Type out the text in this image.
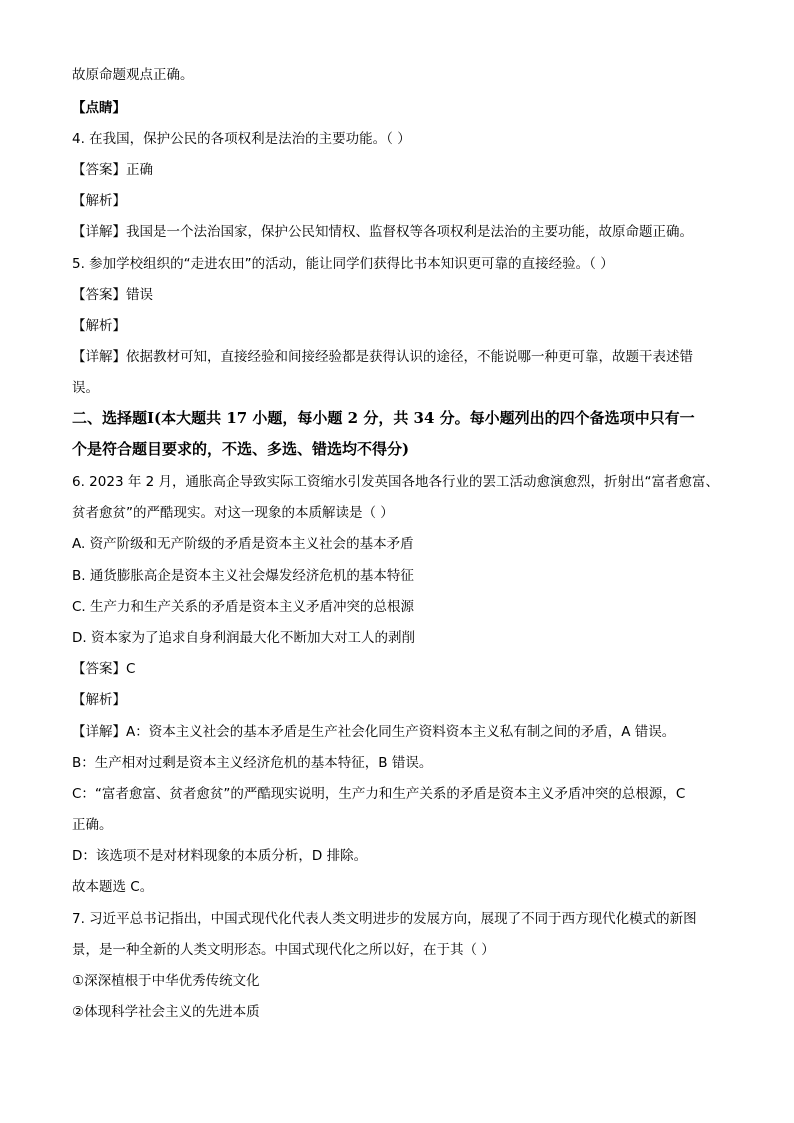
故原命题观点正确。
【点睛】
4. 在我国，保护公民的各项权利是法治的主要功能。（ ）
【答案】正确
【解析】
【详解】我国是一个法治国家，保护公民知情权、监督权等各项权利是法治的主要功能，故原命题正确。
5. 参加学校组织的“走进农田”的活动，能让同学们获得比书本知识更可靠的直接经验。（ ）
【答案】错误
【解析】
【详解】依据教材可知，直接经验和间接经验都是获得认识的途径，不能说哪一种更可靠，故题干表述错
误。
二、选择题Ⅰ(本大题共 17 小题，每小题 2 分，共 34 分。每小题列出的四个备选项中只有一
个是符合题目要求的，不选、多选、错选均不得分)
6. 2023 年 2 月，通胀高企导致实际工资缩水引发英国各地各行业的罢工活动愈演愈烈，折射出“富者愈富、
贫者愈贫”的严酷现实。对这一现象的本质解读是（ ）
A. 资产阶级和无产阶级的矛盾是资本主义社会的基本矛盾
B. 通货膨胀高企是资本主义社会爆发经济危机的基本特征
C. 生产力和生产关系的矛盾是资本主义矛盾冲突的总根源
D. 资本家为了追求自身利润最大化不断加大对工人的剥削
【答案】C
【解析】
【详解】A：资本主义社会的基本矛盾是生产社会化同生产资料资本主义私有制之间的矛盾，A 错误。
B：生产相对过剩是资本主义经济危机的基本特征，B 错误。
C：“富者愈富、贫者愈贫”的严酷现实说明，生产力和生产关系的矛盾是资本主义矛盾冲突的总根源，C
正确。
D：该选项不是对材料现象的本质分析，D 排除。
故本题选 C。
7. 习近平总书记指出，中国式现代化代表人类文明进步的发展方向，展现了不同于西方现代化模式的新图
景，是一种全新的人类文明形态。中国式现代化之所以好，在于其（ ）
①深深植根于中华优秀传统文化
②体现科学社会主义的先进本质
